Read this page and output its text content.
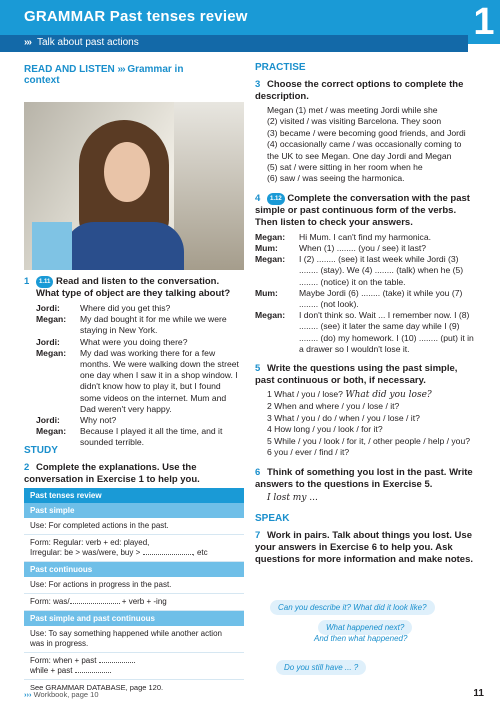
GRAMMAR Past tenses review	1
››› Talk about past actions
READ AND LISTEN ››› Grammar in
context
1 1.11 Read and listen to the conversation.
What type of object are they talking about?
Jordi:	Where did you get this?
Megan:	My dad bought it for me while we were staying in New York.
Jordi:	What were you doing there?
Megan:	My dad was working there for a few months. We were walking down the street one day when I saw it in a shop window. I didn't know how to play it, but I found some videos on the internet. Mum and Dad weren't very happy.
Jordi:	Why not?
Megan:	Because I played it all the time, and it sounded terrible.
STUDY
2 Complete the explanations. Use the conversation in Exercise 1 to help you.
Past tenses review
Past simple
Use: For completed actions in the past.
Form: Regular: verb + ed: played,
Irregular: be > was/were, buy >	, etc
Past continuous
Use: For actions in progress in the past.
Form: was/	+ verb + -ing
Past simple and past continuous
Use: To say something happened while another action was in progress.
Form: when + past
while + past
See GRAMMAR DATABASE, page 120.
PRACTISE
3 Choose the correct options to complete the description.
Megan (1) met / was meeting Jordi while she
(2) visited / was visiting Barcelona. They soon
(3) became / were becoming good friends, and Jordi
(4) occasionally came / was occasionally coming to
the UK to see Megan. One day Jordi and Megan
(5) sat / were sitting in her room when he
(6) saw / was seeing the harmonica.
4 1.12 Complete the conversation with the past simple or past continuous form of the verbs. Then listen to check your answers.
Megan:	Hi Mum. I can't find my harmonica.
Mum:	When (1) ........ (you / see) it last?
Megan:	I (2) ........ (see) it last week while Jordi (3) ........ (stay). We (4) ........ (talk) when he (5) ........ (notice) it on the table.
Mum:	Maybe Jordi (6) ........ (take) it while you (7) ........ (not look).
Megan:	I don't think so. Wait ... I remember now. I (8) ........ (see) it later the same day while I (9) ........ (do) my homework. I (10) ........ (put) it in a drawer so I wouldn't lose it.
5 Write the questions using the past simple, past continuous or both, if necessary.
1 What / you / lose? What did you lose?
2 When and where / you / lose / it?
3 What / you / do / when / you / lose / it?
4 How long / you / look / for it?
5 While / you / look / for it, / other people / help / you?
6 you / ever / find / it?
6 Think of something you lost in the past. Write answers to the questions in Exercise 5.
I lost my ...
SPEAK
7 Work in pairs. Talk about things you lost. Use your answers in Exercise 6 to help you. Ask questions for more information and make notes.
Can you describe it? What did it look like?
What happened next?
And then what happened?
Do you still have ... ?
››› Workbook, page 10	11
